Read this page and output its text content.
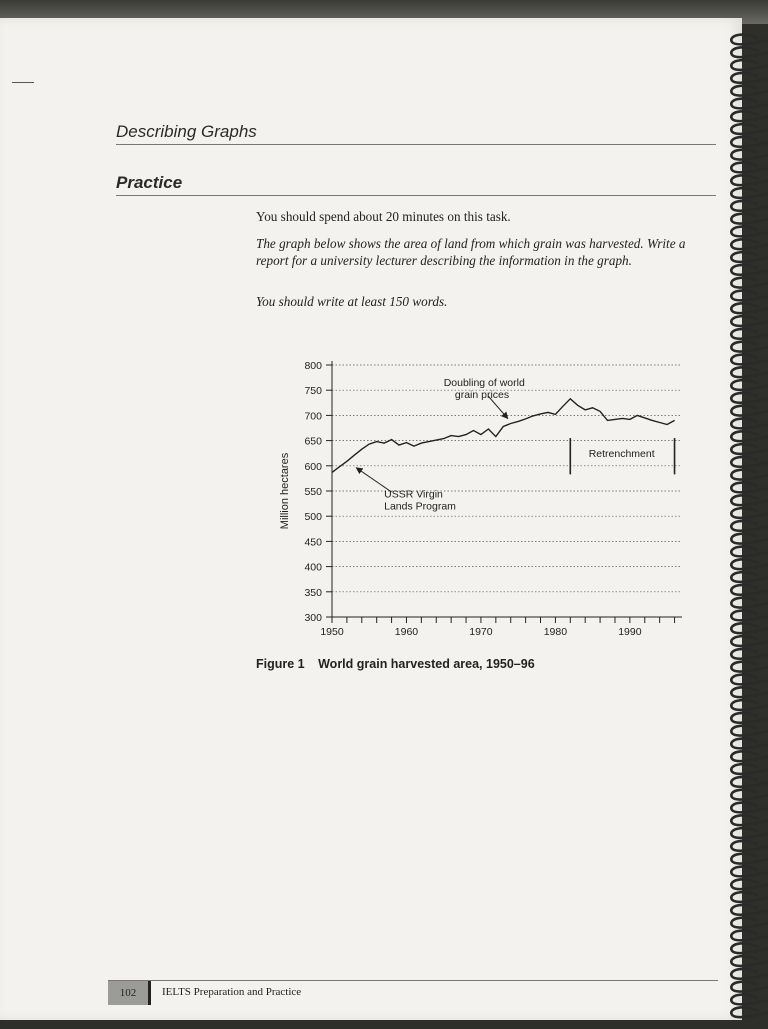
Describing Graphs
Practice
You should spend about 20 minutes on this task.
The graph below shows the area of land from which grain was harvested. Write a report for a university lecturer describing the information in the graph.
You should write at least 150 words.
800
750
700
650
600
550
500
450
400
350
300
1950	1960	1970	1980	1990
Million hectares
Doubling of world grain prices
USSR Virgin Lands Program
Retrenchment
Figure 1 World grain harvested area, 1950–96
102	IELTS Preparation and Practice
